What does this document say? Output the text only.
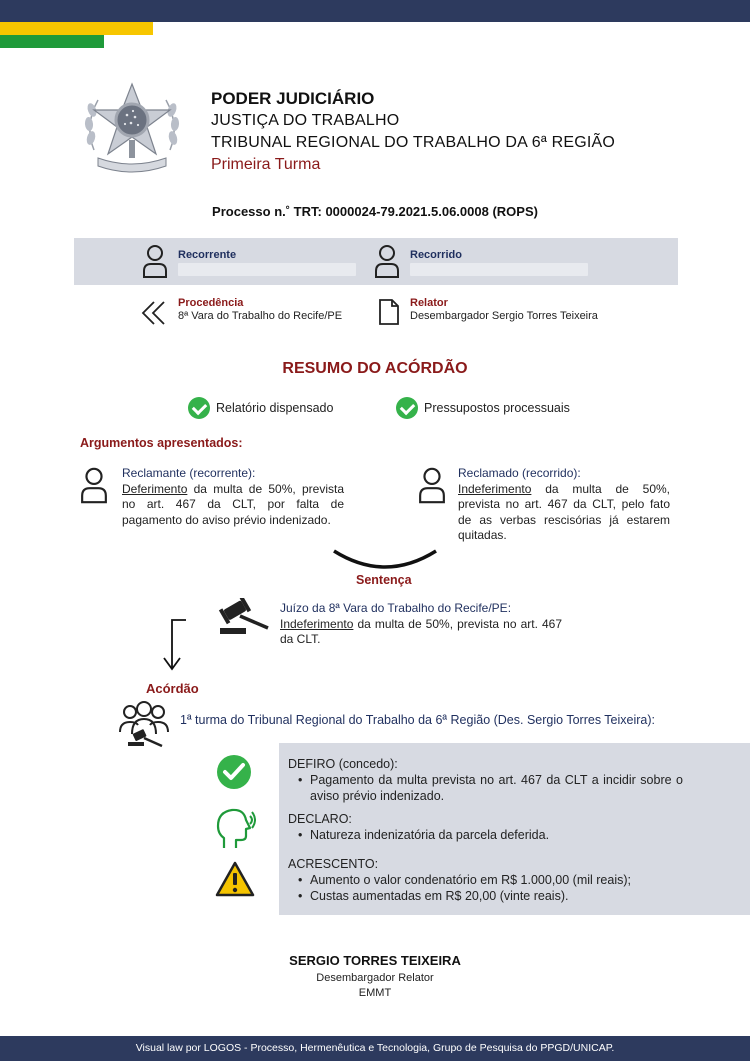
PODER JUDICIÁRIO
JUSTIÇA DO TRABALHO
TRIBUNAL REGIONAL DO TRABALHO DA 6ª REGIÃO
Primeira Turma
Processo n.˚ TRT: 0000024-79.2021.5.06.0008 (ROPS)
Recorrente	Recorrido
Procedência
8ª Vara do Trabalho do Recife/PE
Relator
Desembargador Sergio Torres Teixeira
RESUMO DO ACÓRDÃO
Relatório dispensado	Pressupostos processuais
Argumentos apresentados:
Reclamante (recorrente):
Deferimento da multa de 50%, prevista no art. 467 da CLT, por falta de pagamento do aviso prévio indenizado.
Reclamado (recorrido):
Indeferimento da multa de 50%, prevista no art. 467 da CLT, pelo fato de as verbas rescisórias já estarem quitadas.
Sentença
Juízo da 8ª Vara do Trabalho do Recife/PE:
Indeferimento da multa de 50%, prevista no art. 467 da CLT.
Acórdão
1ª turma do Tribunal Regional do Trabalho da 6ª Região (Des. Sergio Torres Teixeira):
DEFIRO (concedo):
• Pagamento da multa prevista no art. 467 da CLT a incidir sobre o aviso prévio indenizado.
DECLARO:
• Natureza indenizatória da parcela deferida.
ACRESCENTO:
• Aumento o valor condenatório em R$ 1.000,00 (mil reais);
• Custas aumentadas em R$ 20,00 (vinte reais).
SERGIO TORRES TEIXEIRA
Desembargador Relator
EMMT
Visual law por LOGOS - Processo, Hermenêutica e Tecnologia, Grupo de Pesquisa do PPGD/UNICAP.
